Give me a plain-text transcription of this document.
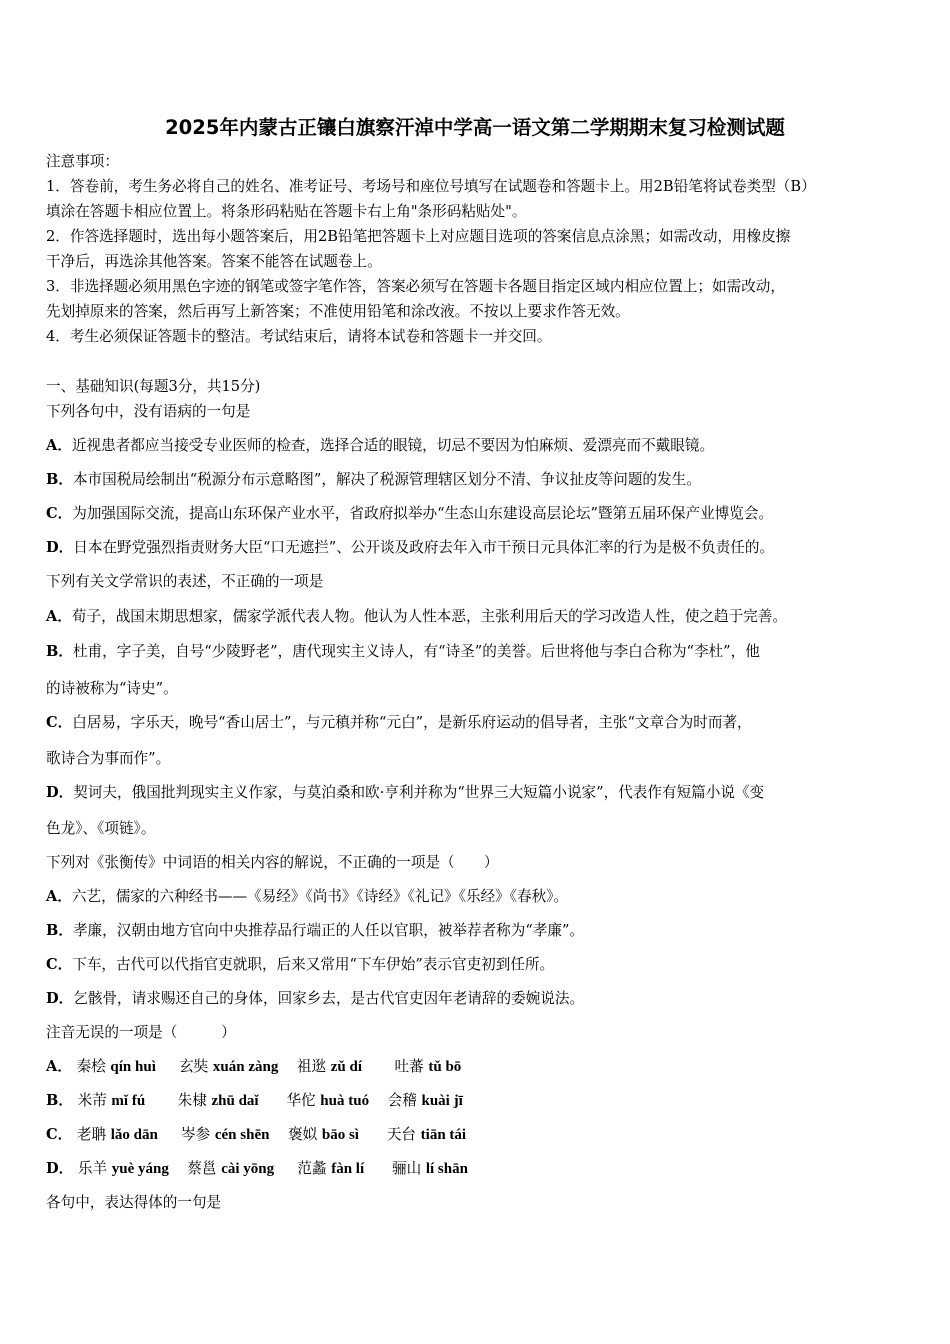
2025年内蒙古正镶白旗察汗淖中学高一语文第二学期期末复习检测试题
注意事项：
1．答卷前，考生务必将自己的姓名、准考证号、考场号和座位号填写在试题卷和答题卡上。用2B铅笔将试卷类型（B）
填涂在答题卡相应位置上。将条形码粘贴在答题卡右上角"条形码粘贴处"。
2．作答选择题时，选出每小题答案后，用2B铅笔把答题卡上对应题目选项的答案信息点涂黑；如需改动，用橡皮擦
干净后，再选涂其他答案。答案不能答在试题卷上。
3．非选择题必须用黑色字迹的钢笔或签字笔作答，答案必须写在答题卡各题目指定区域内相应位置上；如需改动，
先划掉原来的答案，然后再写上新答案；不准使用铅笔和涂改液。不按以上要求作答无效。
4．考生必须保证答题卡的整洁。考试结束后，请将本试卷和答题卡一并交回。
一、基础知识(每题3分，共15分)
下列各句中，没有语病的一句是
A．近视患者都应当接受专业医师的检查，选择合适的眼镜，切忌不要因为怕麻烦、爱漂亮而不戴眼镜。
B．本市国税局绘制出“税源分布示意略图”，解决了税源管理辖区划分不清、争议扯皮等问题的发生。
C．为加强国际交流，提高山东环保产业水平，省政府拟举办“生态山东建设高层论坛”暨第五届环保产业博览会。
D．日本在野党强烈指责财务大臣“口无遮拦”、公开谈及政府去年入市干预日元具体汇率的行为是极不负责任的。
下列有关文学常识的表述，不正确的一项是
A．荀子，战国末期思想家，儒家学派代表人物。他认为人性本恶，主张利用后天的学习改造人性，使之趋于完善。
B．杜甫，字子美，自号“少陵野老”，唐代现实主义诗人，有“诗圣”的美誉。后世将他与李白合称为“李杜”，他
的诗被称为“诗史”。
C．白居易，字乐天，晚号“香山居士”，与元稹并称“元白”，是新乐府运动的倡导者，主张“文章合为时而著，
歌诗合为事而作”。
D．契诃夫，俄国批判现实主义作家，与莫泊桑和欧·亨利并称为“世界三大短篇小说家”，代表作有短篇小说《变
色龙》、《项链》。
下列对《张衡传》中词语的相关内容的解说，不正确的一项是（　　）
A．六艺，儒家的六种经书——《易经》《尚书》《诗经》《礼记》《乐经》《春秋》。
B．孝廉，汉朝由地方官向中央推荐品行端正的人任以官职，被举荐者称为“孝廉”。
C．下车，古代可以代指官吏就职，后来又常用“下车伊始”表示官吏初到任所。
D．乞骸骨，请求赐还自己的身体，回家乡去，是古代官吏因年老请辞的委婉说法。
注音无误的一项是（　　　）
A． 秦桧 qín huì 玄奘 xuán zàng 祖逖 zǔ dí 吐蕃 tǔ bō
B． 米芾 mǐ fú 朱棣 zhū daǐ 华佗 huà tuó 会稽 kuài jī
C． 老聃 lǎo dān 岑参 cén shēn 褒姒 bāo sì 天台 tiān tái
D． 乐羊 yuè yáng 蔡邕 cài yōng 范蠡 fàn lí 骊山 lí shān
各句中，表达得体的一句是
